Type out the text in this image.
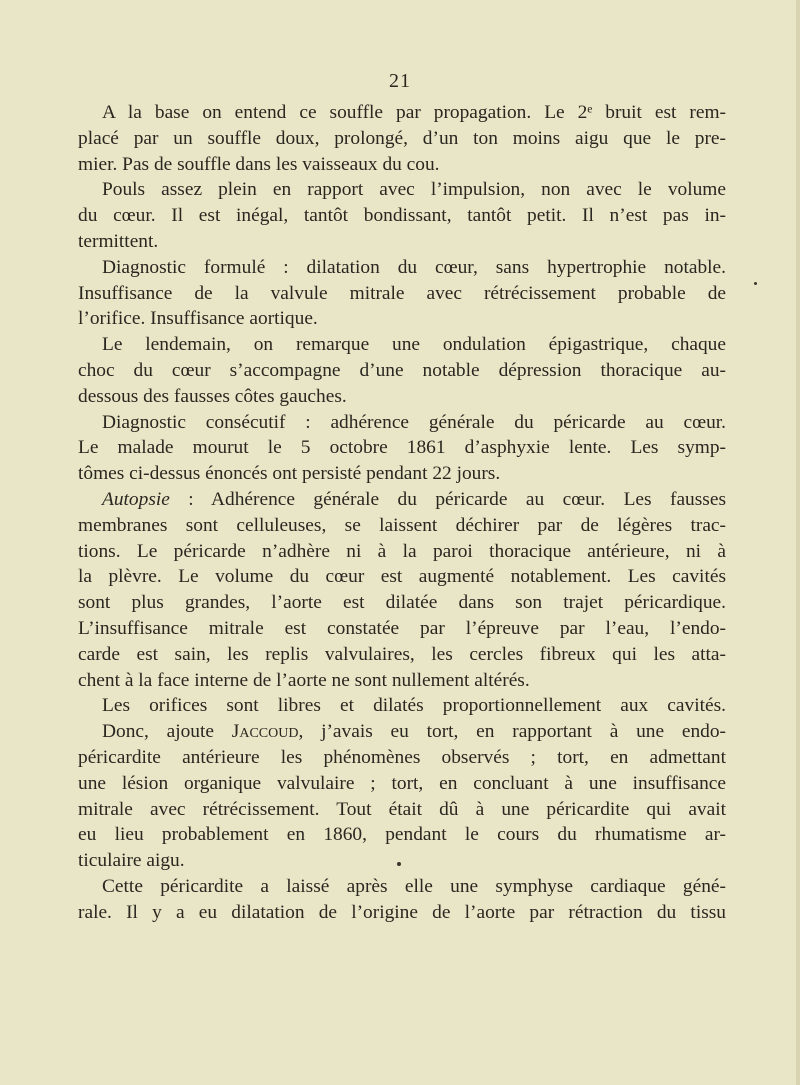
21
A la base on entend ce souffle par propagation. Le 2ᵉ bruit est rem-
placé par un souffle doux, prolongé, d’un ton moins aigu que le pre-
mier. Pas de souffle dans les vaisseaux du cou.
Pouls assez plein en rapport avec l’impulsion, non avec le volume
du cœur. Il est inégal, tantôt bondissant, tantôt petit. Il n’est pas in-
termittent.
Diagnostic formulé : dilatation du cœur, sans hypertrophie notable.
Insuffisance de la valvule mitrale avec rétrécissement probable de
l’orifice. Insuffisance aortique.
Le lendemain, on remarque une ondulation épigastrique, chaque
choc du cœur s’accompagne d’une notable dépression thoracique au-
dessous des fausses côtes gauches.
Diagnostic consécutif : adhérence générale du péricarde au cœur.
Le malade mourut le 5 octobre 1861 d’asphyxie lente. Les symp-
tômes ci-dessus énoncés ont persisté pendant 22 jours.
Autopsie : Adhérence générale du péricarde au cœur. Les fausses
membranes sont celluleuses, se laissent déchirer par de légères trac-
tions. Le péricarde n’adhère ni à la paroi thoracique antérieure, ni à
la plèvre. Le volume du cœur est augmenté notablement. Les cavités
sont plus grandes, l’aorte est dilatée dans son trajet péricardique.
L’insuffisance mitrale est constatée par l’épreuve par l’eau, l’endo-
carde est sain, les replis valvulaires, les cercles fibreux qui les atta-
chent à la face interne de l’aorte ne sont nullement altérés.
Les orifices sont libres et dilatés proportionnellement aux cavités.
Donc, ajoute Jaccoud, j’avais eu tort, en rapportant à une endo-
péricardite antérieure les phénomènes observés ; tort, en admettant
une lésion organique valvulaire ; tort, en concluant à une insuffisance
mitrale avec rétrécissement. Tout était dû à une péricardite qui avait
eu lieu probablement en 1860, pendant le cours du rhumatisme ar-
ticulaire aigu.
Cette péricardite a laissé après elle une symphyse cardiaque géné-
rale. Il y a eu dilatation de l’origine de l’aorte par rétraction du tissu
